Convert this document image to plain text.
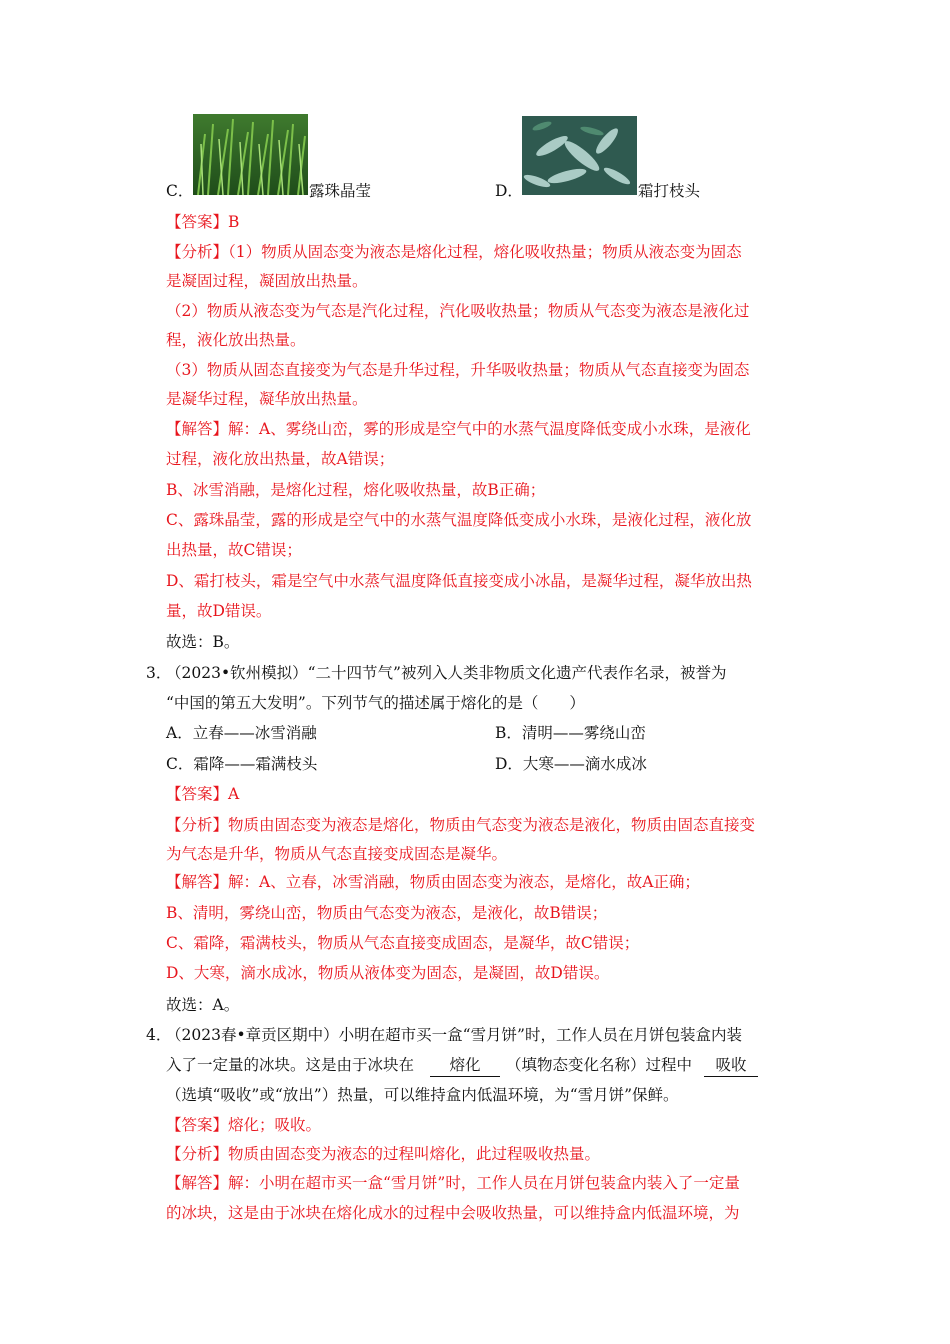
C．	露珠晶莹	D．	霜打枝头
【答案】B
【分析】（1）物质从固态变为液态是熔化过程，熔化吸收热量；物质从液态变为固态
是凝固过程，凝固放出热量。
（2）物质从液态变为气态是汽化过程，汽化吸收热量；物质从气态变为液态是液化过
程，液化放出热量。
（3）物质从固态直接变为气态是升华过程，升华吸收热量；物质从气态直接变为固态
是凝华过程，凝华放出热量。
【解答】解：A、雾绕山峦，雾的形成是空气中的水蒸气温度降低变成小水珠，是液化
过程，液化放出热量，故A错误；
B、冰雪消融，是熔化过程，熔化吸收热量，故B正确；
C、露珠晶莹，露的形成是空气中的水蒸气温度降低变成小水珠，是液化过程，液化放
出热量，故C错误；
D、霜打枝头，霜是空气中水蒸气温度降低直接变成小冰晶，是凝华过程，凝华放出热
量，故D错误。
故选：B。
3．
（2023•钦州模拟）“二十四节气”被列入人类非物质文化遗产代表作名录，被誉为
“中国的第五大发明”。下列节气的描述属于熔化的是（　　）
A．立春——冰雪消融	B．清明——雾绕山峦
C．霜降——霜满枝头	D．大寒——滴水成冰
【答案】A
【分析】物质由固态变为液态是熔化，物质由气态变为液态是液化，物质由固态直接变
为气态是升华，物质从气态直接变成固态是凝华。
【解答】解：A、立春，冰雪消融，物质由固态变为液态，是熔化，故A正确；
B、清明，雾绕山峦，物质由气态变为液态，是液化，故B错误；
C、霜降，霜满枝头，物质从气态直接变成固态，是凝华，故C错误；
D、大寒，滴水成冰，物质从液体变为固态，是凝固，故D错误。
故选：A。
4．
（2023春•章贡区期中）小明在超市买一盒“雪月饼”时，工作人员在月饼包装盒内装
入了一定量的冰块。这是由于冰块在 熔化 （填物态变化名称）过程中 吸收
（选填“吸收”或“放出”）热量，可以维持盒内低温环境，为“雪月饼”保鲜。
【答案】熔化；吸收。
【分析】物质由固态变为液态的过程叫熔化，此过程吸收热量。
【解答】解：小明在超市买一盒“雪月饼”时，工作人员在月饼包装盒内装入了一定量
的冰块，这是由于冰块在熔化成水的过程中会吸收热量，可以维持盒内低温环境，为
